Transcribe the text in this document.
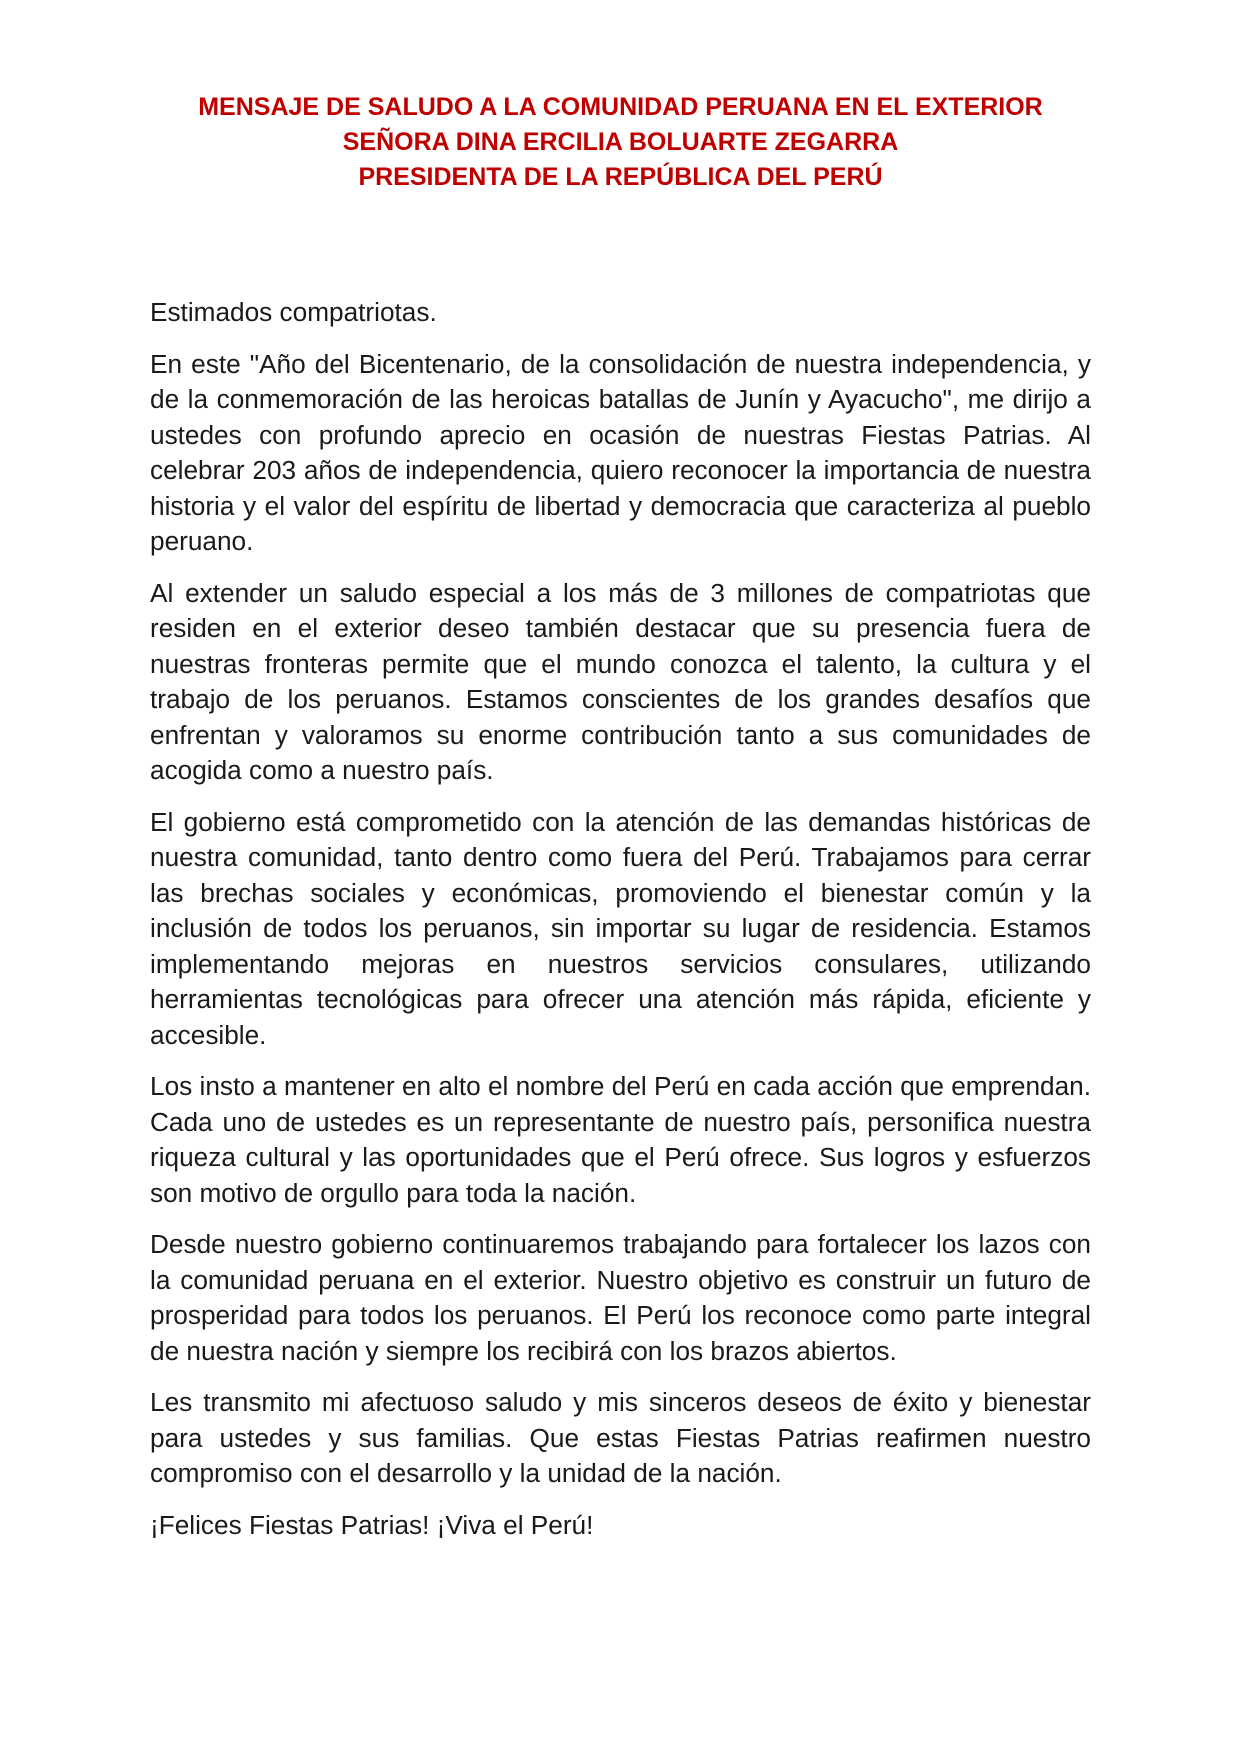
MENSAJE DE SALUDO A LA COMUNIDAD PERUANA EN EL EXTERIOR
SEÑORA DINA ERCILIA BOLUARTE ZEGARRA
PRESIDENTA DE LA REPÚBLICA DEL PERÚ

Estimados compatriotas.

En este "Año del Bicentenario, de la consolidación de nuestra independencia, y de la conmemoración de las heroicas batallas de Junín y Ayacucho", me dirijo a ustedes con profundo aprecio en ocasión de nuestras Fiestas Patrias. Al celebrar 203 años de independencia, quiero reconocer la importancia de nuestra historia y el valor del espíritu de libertad y democracia que caracteriza al pueblo peruano.

Al extender un saludo especial a los más de 3 millones de compatriotas que residen en el exterior deseo también destacar que su presencia fuera de nuestras fronteras permite que el mundo conozca el talento, la cultura y el trabajo de los peruanos. Estamos conscientes de los grandes desafíos que enfrentan y valoramos su enorme contribución tanto a sus comunidades de acogida como a nuestro país.

El gobierno está comprometido con la atención de las demandas históricas de nuestra comunidad, tanto dentro como fuera del Perú. Trabajamos para cerrar las brechas sociales y económicas, promoviendo el bienestar común y la inclusión de todos los peruanos, sin importar su lugar de residencia. Estamos implementando mejoras en nuestros servicios consulares, utilizando herramientas tecnológicas para ofrecer una atención más rápida, eficiente y accesible.

Los insto a mantener en alto el nombre del Perú en cada acción que emprendan. Cada uno de ustedes es un representante de nuestro país, personifica nuestra riqueza cultural y las oportunidades que el Perú ofrece. Sus logros y esfuerzos son motivo de orgullo para toda la nación.

Desde nuestro gobierno continuaremos trabajando para fortalecer los lazos con la comunidad peruana en el exterior. Nuestro objetivo es construir un futuro de prosperidad para todos los peruanos. El Perú los reconoce como parte integral de nuestra nación y siempre los recibirá con los brazos abiertos.

Les transmito mi afectuoso saludo y mis sinceros deseos de éxito y bienestar para ustedes y sus familias. Que estas Fiestas Patrias reafirmen nuestro compromiso con el desarrollo y la unidad de la nación.

¡Felices Fiestas Patrias! ¡Viva el Perú!
